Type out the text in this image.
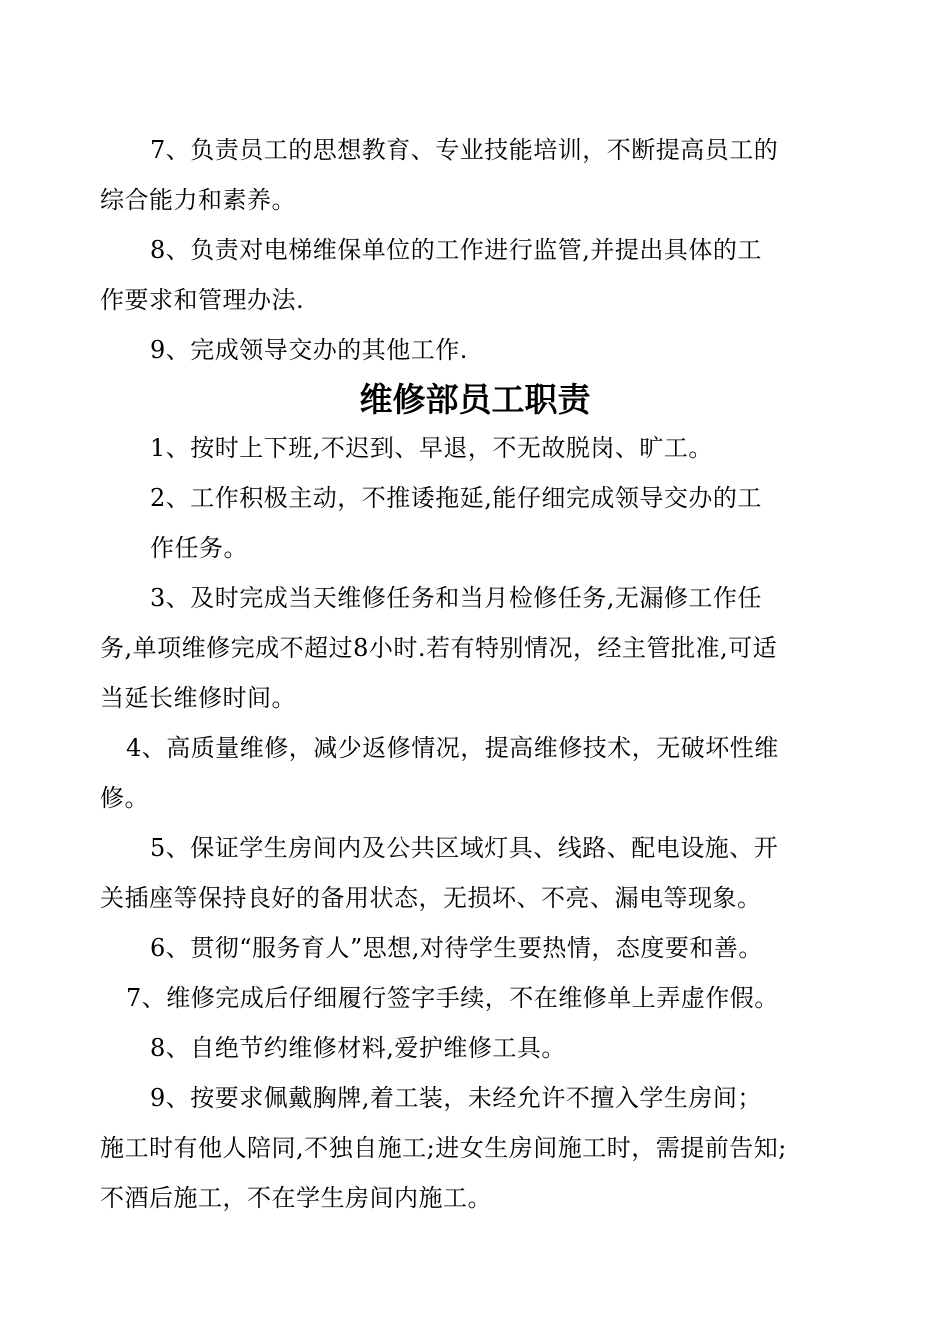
7、负责员工的思想教育、专业技能培训，不断提高员工的
综合能力和素养。
8、负责对电梯维保单位的工作进行监管,并提出具体的工
作要求和管理办法.
9、完成领导交办的其他工作.
维修部员工职责
1、按时上下班,不迟到、早退，不无故脱岗、旷工。
2、工作积极主动，不推诿拖延,能仔细完成领导交办的工
作任务。
3、及时完成当天维修任务和当月检修任务,无漏修工作任
务,单项维修完成不超过8小时.若有特别情况，经主管批准,可适
当延长维修时间。
4、高质量维修，减少返修情况，提高维修技术，无破坏性维
修。
5、保证学生房间内及公共区域灯具、线路、配电设施、开
关插座等保持良好的备用状态，无损坏、不亮、漏电等现象。
6、贯彻“服务育人”思想,对待学生要热情，态度要和善。
7、维修完成后仔细履行签字手续，不在维修单上弄虚作假。
8、自绝节约维修材料,爱护维修工具。
9、按要求佩戴胸牌,着工装，未经允许不擅入学生房间；
施工时有他人陪同,不独自施工;进女生房间施工时，需提前告知;
不酒后施工，不在学生房间内施工。
